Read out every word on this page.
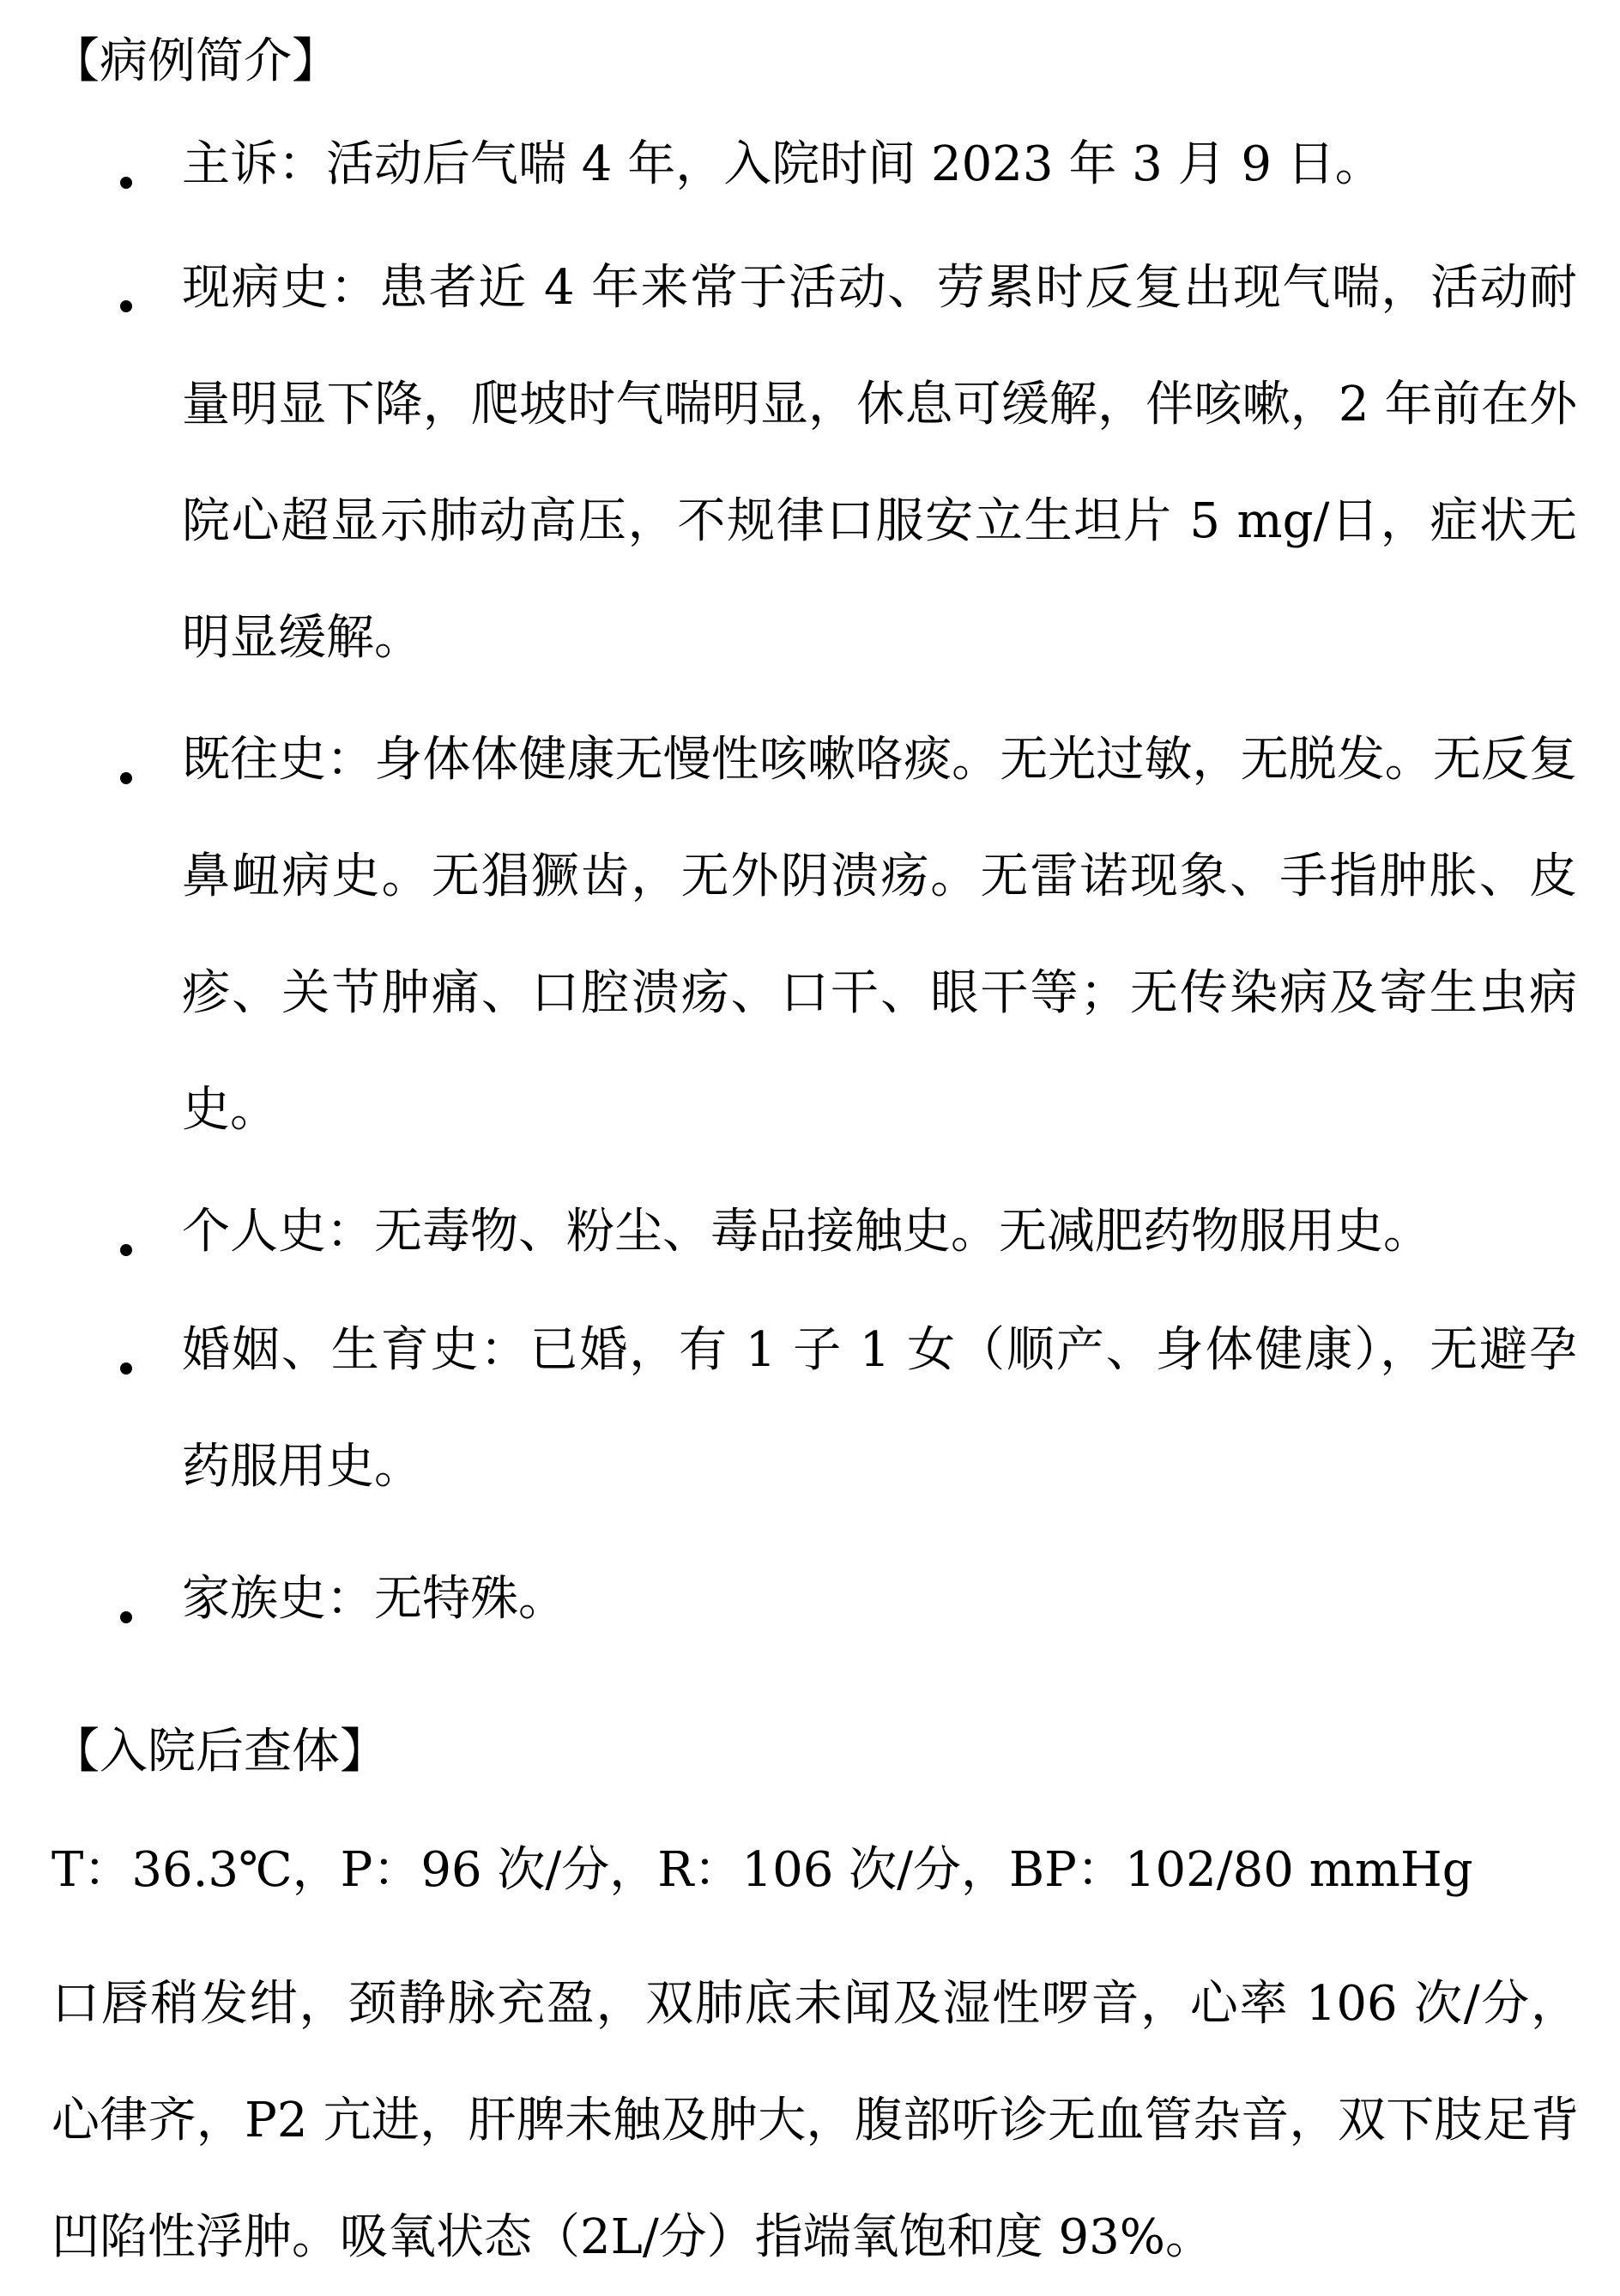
【病例简介】
主诉：活动后气喘 4 年，入院时间 2023 年 3 月 9 日。
现病史：患者近 4 年来常于活动、劳累时反复出现气喘，活动耐量明显下降，爬坡时气喘明显，休息可缓解，伴咳嗽，2 年前在外院心超显示肺动高压，不规律口服安立生坦片 5 mg/日，症状无明显缓解。
既往史：身体体健康无慢性咳嗽咯痰。无光过敏，无脱发。无反复鼻衄病史。无猖獗齿，无外阴溃疡。无雷诺现象、手指肿胀、皮疹、关节肿痛、口腔溃疡、口干、眼干等；无传染病及寄生虫病史。
个人史：无毒物、粉尘、毒品接触史。无减肥药物服用史。
婚姻、生育史：已婚，有 1 子 1 女（顺产、身体健康），无避孕药服用史。
家族史：无特殊。
【入院后查体】
T：36.3℃，P：96 次/分，R：106 次/分，BP：102/80 mmHg
口唇稍发绀，颈静脉充盈，双肺底未闻及湿性啰音，心率 106 次/分，心律齐，P2 亢进，肝脾未触及肿大，腹部听诊无血管杂音，双下肢足背凹陷性浮肿。吸氧状态（2L/分）指端氧饱和度 93%。
